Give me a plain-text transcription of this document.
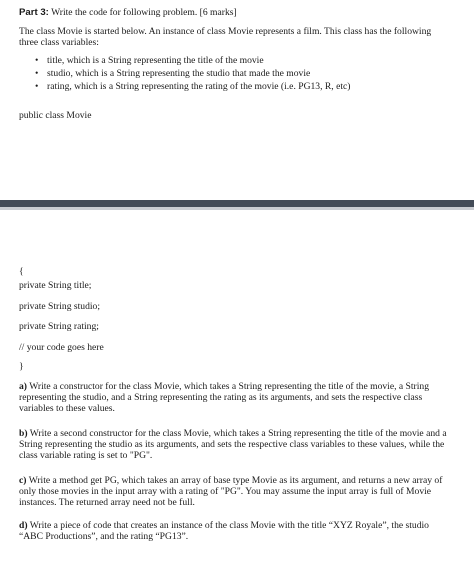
Part 3: Write the code for following problem. [6 marks]
The class Movie is started below. An instance of class Movie represents a film. This class has the following three class variables:
• title, which is a String representing the title of the movie
• studio, which is a String representing the studio that made the movie
• rating, which is a String representing the rating of the movie (i.e. PG13, R, etc)
public class Movie
{
private String title;
private String studio;
private String rating;
// your code goes here
}
a) Write a constructor for the class Movie, which takes a String representing the title of the movie, a String representing the studio, and a String representing the rating as its arguments, and sets the respective class variables to these values.
b) Write a second constructor for the class Movie, which takes a String representing the title of the movie and a String representing the studio as its arguments, and sets the respective class variables to these values, while the class variable rating is set to "PG".
c) Write a method get PG, which takes an array of base type Movie as its argument, and returns a new array of only those movies in the input array with a rating of "PG". You may assume the input array is full of Movie instances. The returned array need not be full.
d) Write a piece of code that creates an instance of the class Movie with the title “XYZ Royale”, the studio “ABC Productions”, and the rating “PG13”.
